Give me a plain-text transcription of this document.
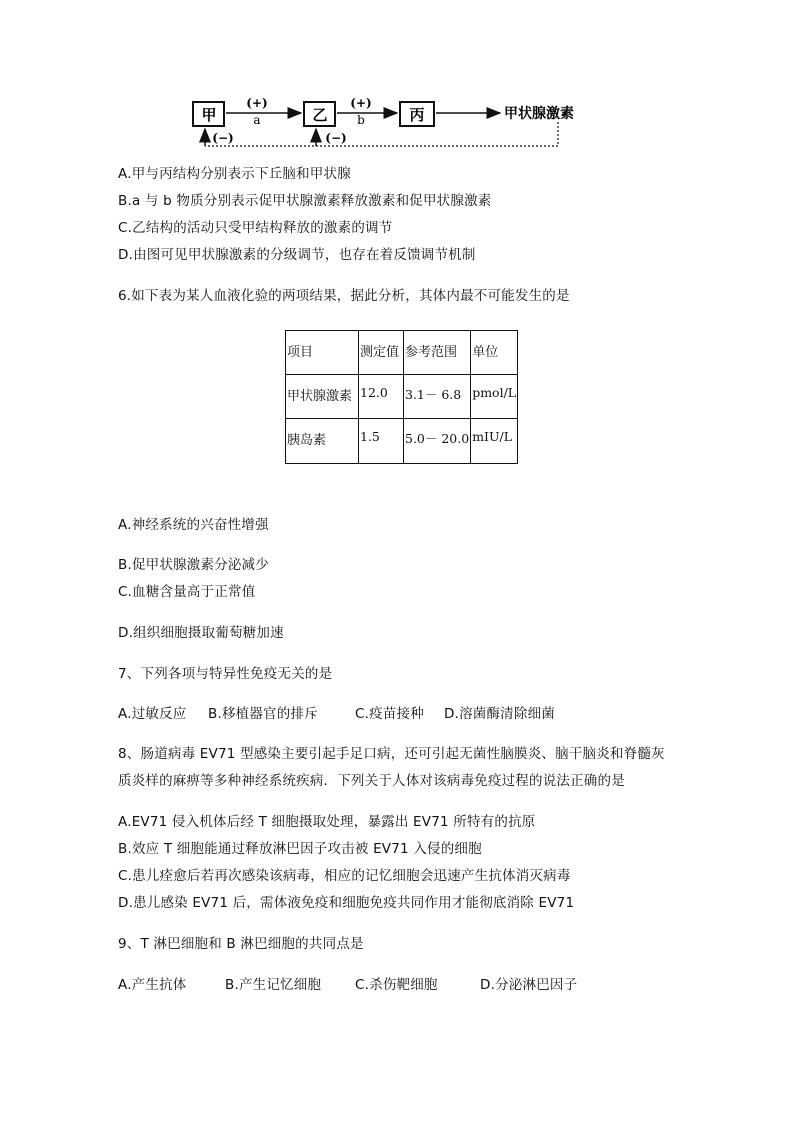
甲	乙	丙
(+)
a
(+)
b	甲状腺激素
(−)	(−)
A.甲与丙结构分别表示下丘脑和甲状腺
B.a 与 b 物质分别表示促甲状腺激素释放激素和促甲状腺激素
C.乙结构的活动只受甲结构释放的激素的调节
D.由图可见甲状腺激素的分级调节，也存在着反馈调节机制
6.如下表为某人血液化验的两项结果，据此分析，其体内最不可能发生的是
项目	测定值	参考范围	单位
甲状腺激素	12.0	3.1－ 6.8	pmol/L
胰岛素	1.5	5.0－ 20.0	mIU/L
A.神经系统的兴奋性增强
B.促甲状腺激素分泌减少
C.血糖含量高于正常值
D.组织细胞摄取葡萄糖加速
7、下列各项与特异性免疫无关的是
A.过敏反应 B.移植器官的排斥	C.疫苗接种 D.溶菌酶清除细菌
8、肠道病毒 EV71 型感染主要引起手足口病，还可引起无菌性脑膜炎、脑干脑炎和脊髓灰
质炎样的麻痹等多种神经系统疾病．下列关于人体对该病毒免疫过程的说法正确的是
A.EV71 侵入机体后经 T 细胞摄取处理，暴露出 EV71 所特有的抗原
B.效应 T 细胞能通过释放淋巴因子攻击被 EV71 入侵的细胞
C.患儿痊愈后若再次感染该病毒，相应的记忆细胞会迅速产生抗体消灭病毒
D.患儿感染 EV71 后，需体液免疫和细胞免疫共同作用才能彻底消除 EV71
9、T 淋巴细胞和 B 淋巴细胞的共同点是
A.产生抗体	B.产生记忆细胞	C.杀伤靶细胞	D.分泌淋巴因子
